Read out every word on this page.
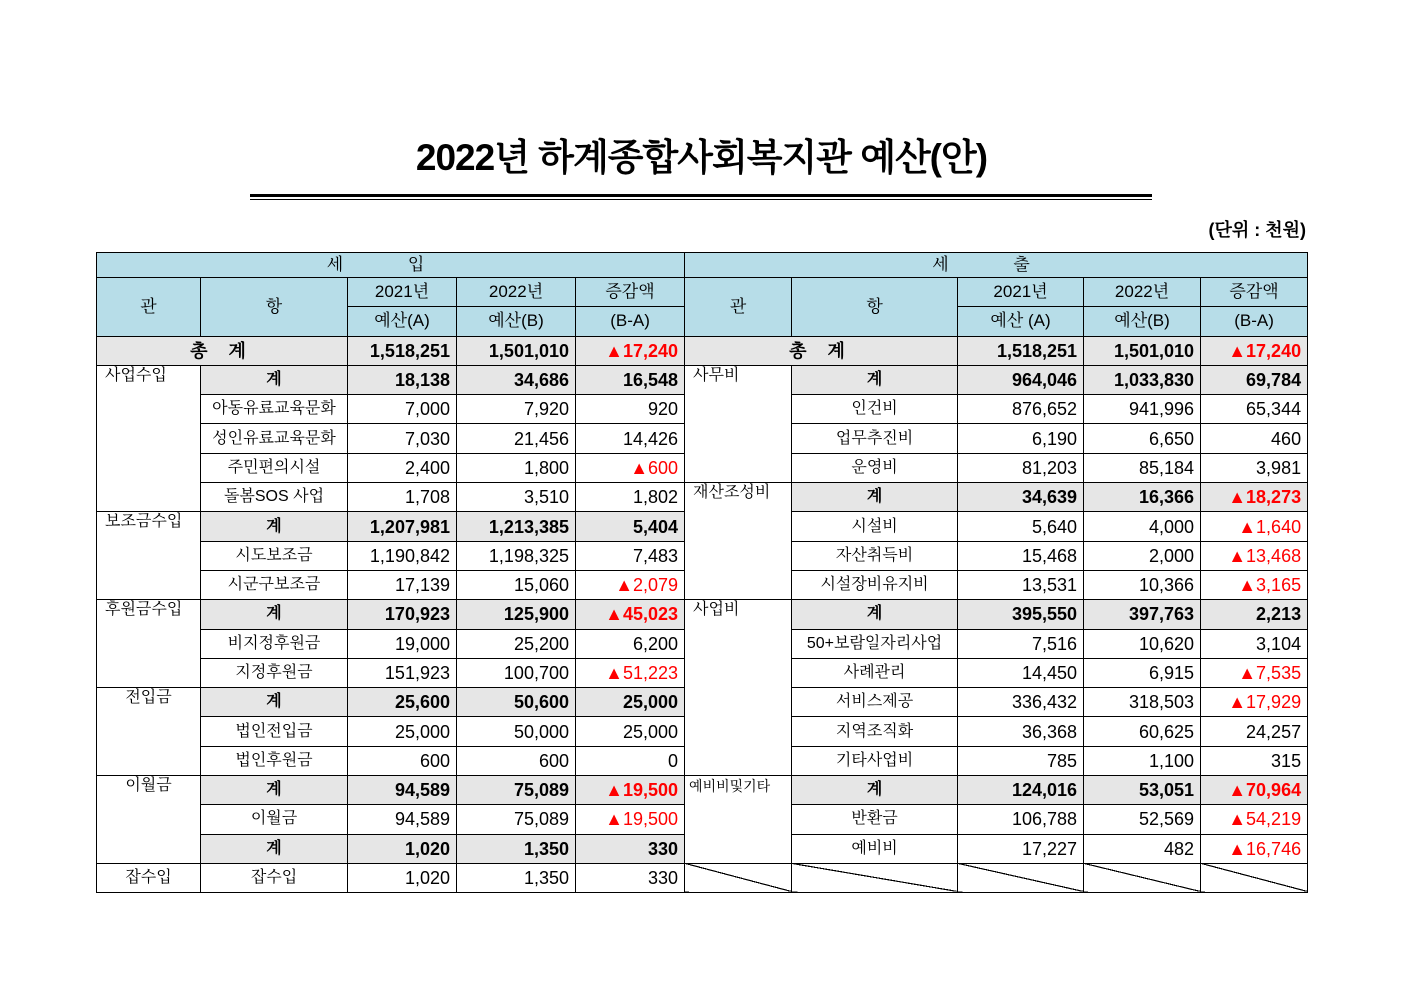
2022년 하계종합사회복지관 예산(안)
(단위 : 천원)
세 입					세 출				
관	항	2021년	2022년	증감액	관	항	2021년	2022년	증감액
		예산(A)	예산(B)	(B-A)			예산 (A)	예산(B)	(B-A)
총 계		1,518,251	1,501,010	▲17,240	총 계		1,518,251	1,501,010	▲17,240
사업수입	계	18,138	34,686	16,548	사무비	계	964,046	1,033,830	69,784
	아동유료교육문화	7,000	7,920	920		인건비	876,652	941,996	65,344
	성인유료교육문화	7,030	21,456	14,426		업무추진비	6,190	6,650	460
	주민편의시설	2,400	1,800	▲600		운영비	81,203	85,184	3,981
	돌봄SOS 사업	1,708	3,510	1,802	재산조성비	계	34,639	16,366	▲18,273
보조금수입	계	1,207,981	1,213,385	5,404		시설비	5,640	4,000	▲1,640
	시도보조금	1,190,842	1,198,325	7,483		자산취득비	15,468	2,000	▲13,468
	시군구보조금	17,139	15,060	▲2,079		시설장비유지비	13,531	10,366	▲3,165
후원금수입	계	170,923	125,900	▲45,023	사업비	계	395,550	397,763	2,213
	비지정후원금	19,000	25,200	6,200		50+보람일자리사업	7,516	10,620	3,104
	지정후원금	151,923	100,700	▲51,223		사례관리	14,450	6,915	▲7,535
전입금	계	25,600	50,600	25,000		서비스제공	336,432	318,503	▲17,929
	법인전입금	25,000	50,000	25,000		지역조직화	36,368	60,625	24,257
	법인후원금	600	600	0		기타사업비	785	1,100	315
이월금	계	94,589	75,089	▲19,500	예비비및기타	계	124,016	53,051	▲70,964
	이월금	94,589	75,089	▲19,500		반환금	106,788	52,569	▲54,219
	계	1,020	1,350	330		예비비	17,227	482	▲16,746
잡수입	잡수입	1,020	1,350	330					
